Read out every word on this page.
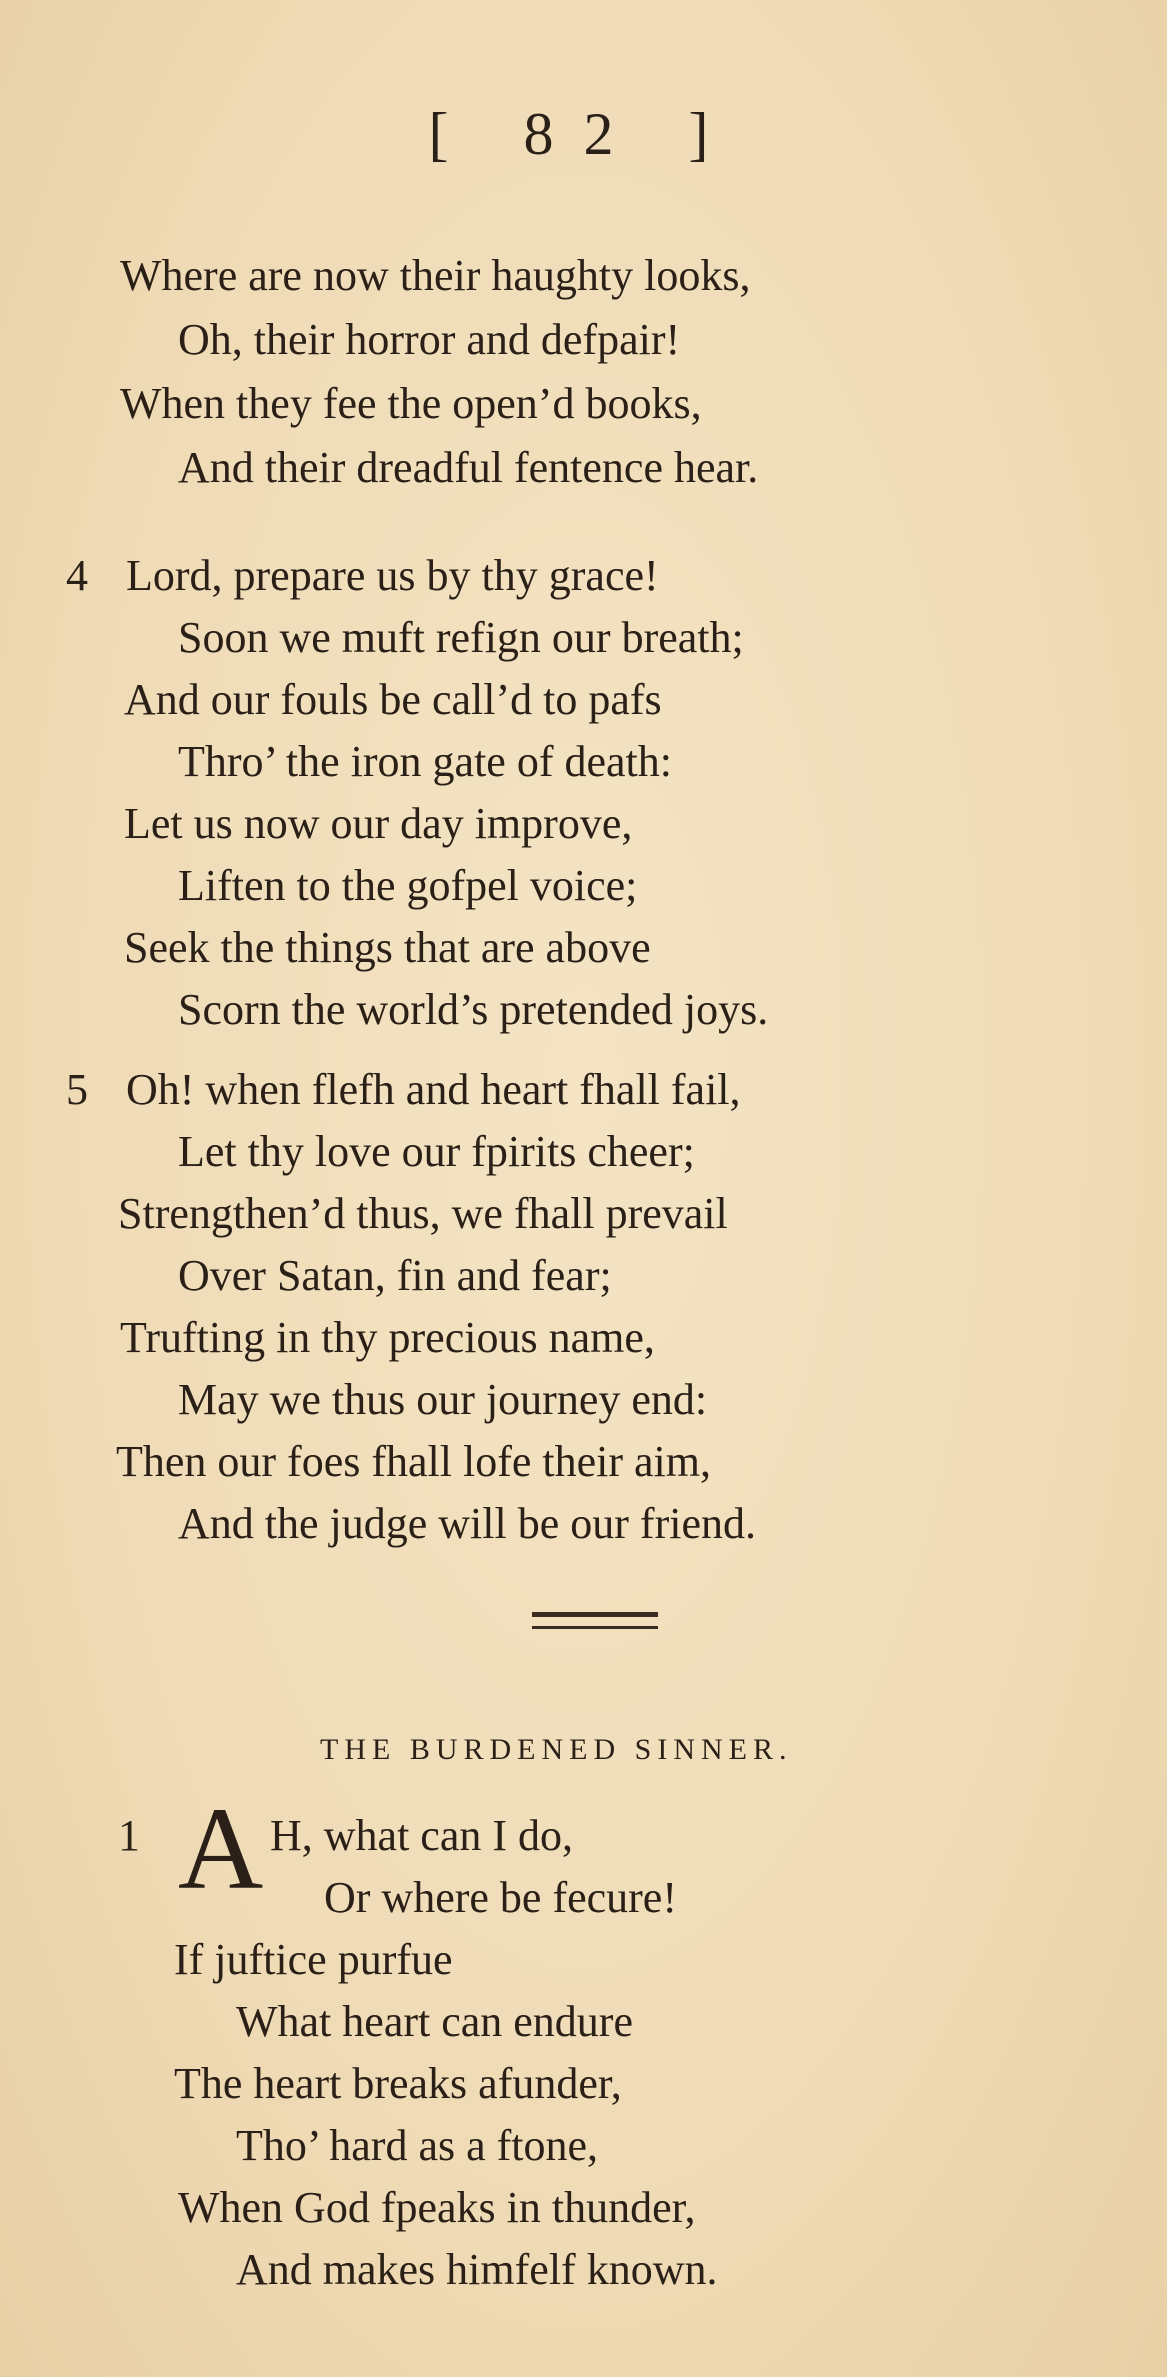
[ 82 ]
Where are now their haughty looks,
Oh, their horror and defpair!
When they fee the open’d books,
And their dreadful fentence hear.
4 Lord, prepare us by thy grace!
Soon we muft refign our breath;
And our fouls be call’d to pafs
Thro’ the iron gate of death:
Let us now our day improve,
Liften to the gofpel voice;
Seek the things that are above
Scorn the world’s pretended joys.
5 Oh! when flefh and heart fhall fail,
Let thy love our fpirits cheer;
Strengthen’d thus, we fhall prevail
Over Satan, fin and fear;
Trufting in thy precious name,
May we thus our journey end:
Then our foes fhall lofe their aim,
And the judge will be our friend.
THE BURDENED SINNER.
1 A H, what can I do,
Or where be fecure!
If juftice purfue
What heart can endure
The heart breaks afunder,
Tho’ hard as a ftone,
When God fpeaks in thunder,
And makes himfelf known.
